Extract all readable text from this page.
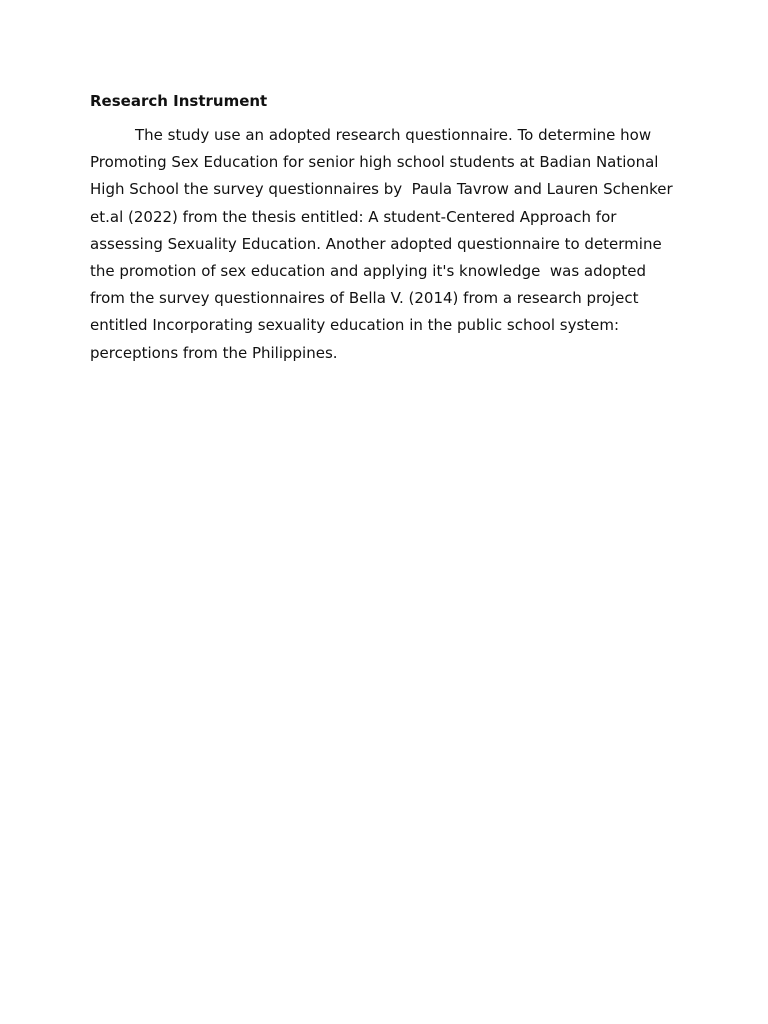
Research Instrument

The study use an adopted research questionnaire. To determine how
Promoting Sex Education for senior high school students at Badian National
High School the survey questionnaires by  Paula Tavrow and Lauren Schenker
et.al (2022) from the thesis entitled: A student-Centered Approach for
assessing Sexuality Education. Another adopted questionnaire to determine
the promotion of sex education and applying it's knowledge  was adopted
from the survey questionnaires of Bella V. (2014) from a research project
entitled Incorporating sexuality education in the public school system:
perceptions from the Philippines.
